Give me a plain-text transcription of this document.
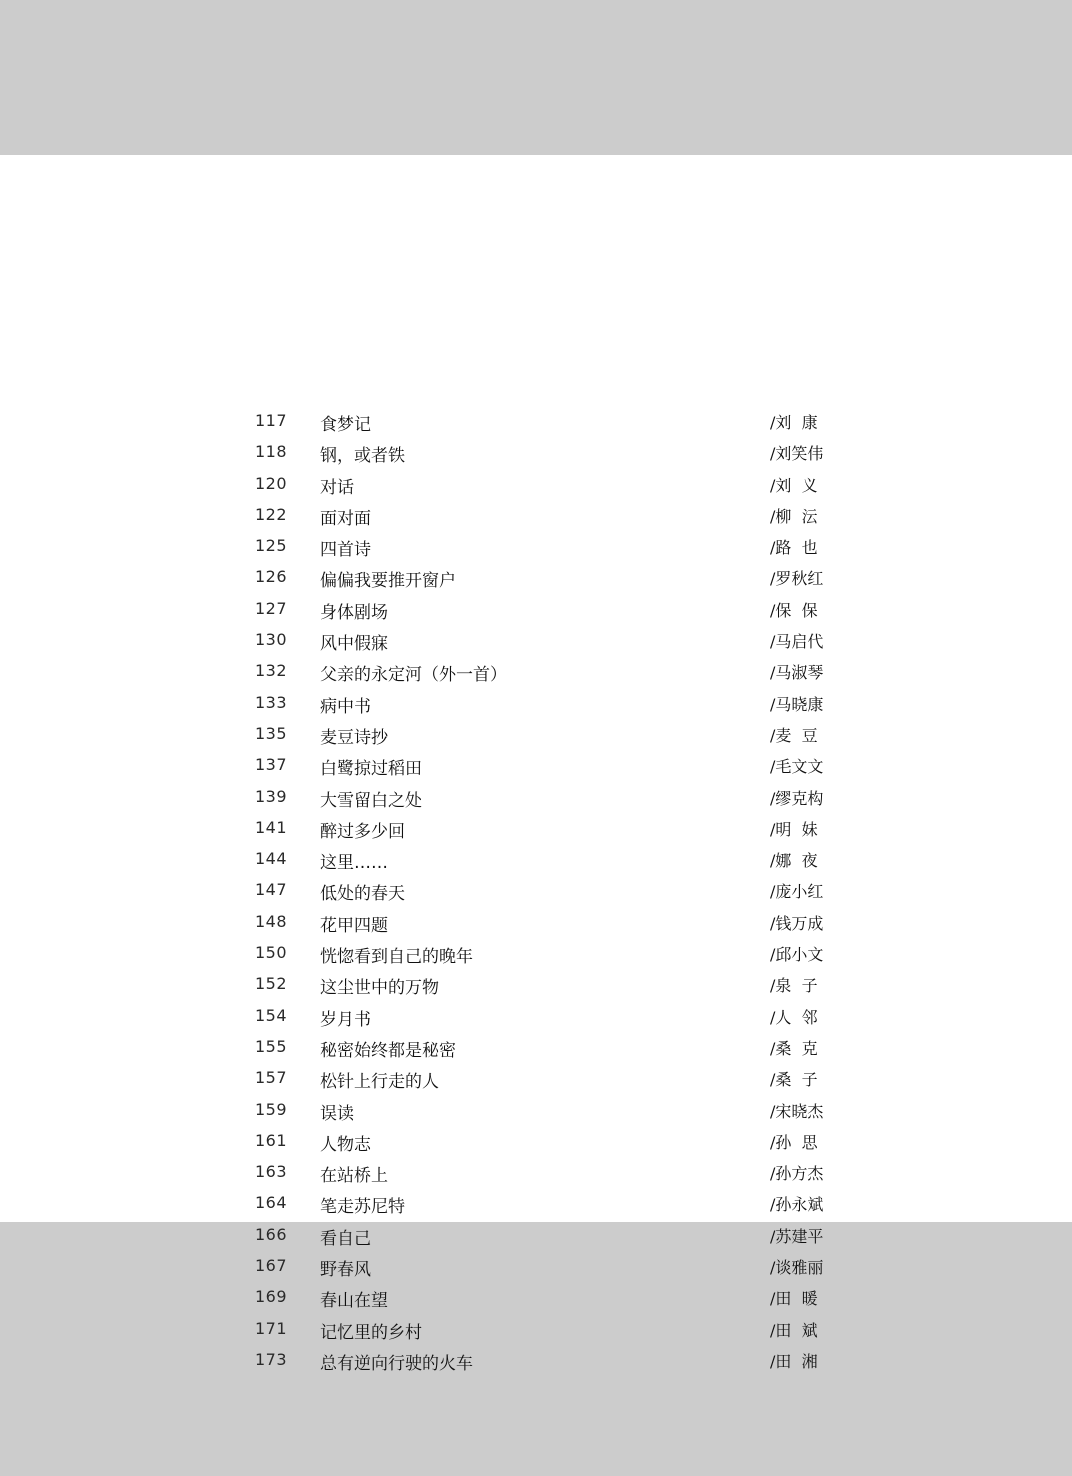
117 食梦记	/刘  康
118 钢，或者铁	/刘笑伟
120 对话	/刘  义
122 面对面	/柳  沄
125 四首诗	/路  也
126 偏偏我要推开窗户	/罗秋红
127 身体剧场	/保  保
130 风中假寐	/马启代
132 父亲的永定河（外一首）	/马淑琴
133 病中书	/马晓康
135 麦豆诗抄	/麦  豆
137 白鹭掠过稻田	/毛文文
139 大雪留白之处	/缪克构
141 醉过多少回	/明  妹
144 这里……	/娜  夜
147 低处的春天	/庞小红
148 花甲四题	/钱万成
150 恍惚看到自己的晚年	/邱小文
152 这尘世中的万物	/泉  子
154 岁月书	/人  邻
155 秘密始终都是秘密	/桑  克
157 松针上行走的人	/桑  子
159 误读	/宋晓杰
161 人物志	/孙  思
163 在站桥上	/孙方杰
164 笔走苏尼特	/孙永斌
166 看自己	/苏建平
167 野春风	/谈雅丽
169 春山在望	/田  暖
171 记忆里的乡村	/田  斌
173 总有逆向行驶的火车	/田  湘
